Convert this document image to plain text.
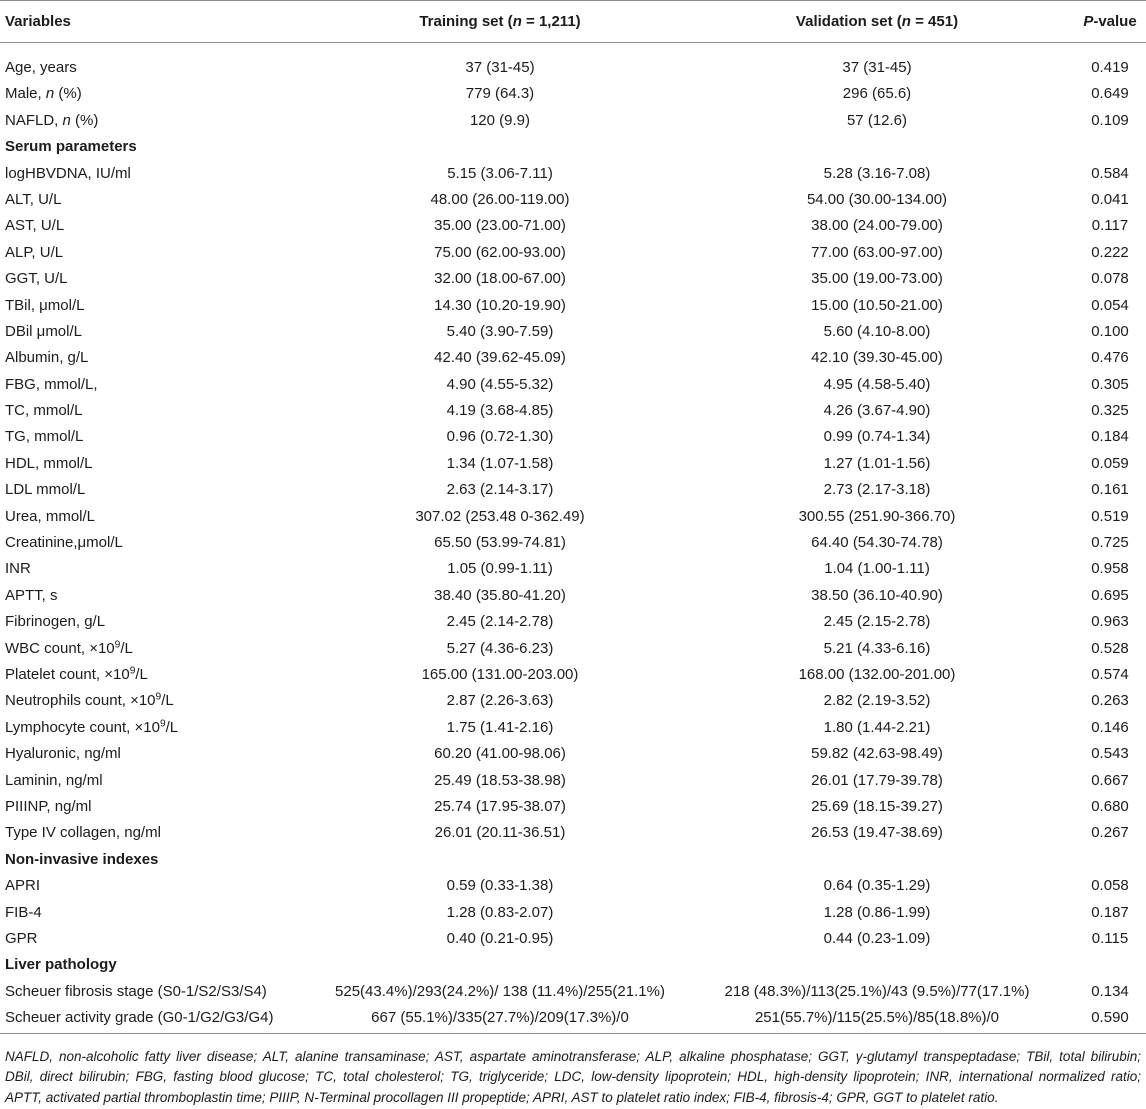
Variables	Training set (n = 1,211)	Validation set (n = 451)	P-value
Age, years	37 (31-45)	37 (31-45)	0.419
Male, n (%)	779 (64.3)	296 (65.6)	0.649
NAFLD, n (%)	120 (9.9)	57 (12.6)	0.109
Serum parameters
logHBVDNA, IU/ml	5.15 (3.06-7.11)	5.28 (3.16-7.08)	0.584
ALT, U/L	48.00 (26.00-119.00)	54.00 (30.00-134.00)	0.041
AST, U/L	35.00 (23.00-71.00)	38.00 (24.00-79.00)	0.117
ALP, U/L	75.00 (62.00-93.00)	77.00 (63.00-97.00)	0.222
GGT, U/L	32.00 (18.00-67.00)	35.00 (19.00-73.00)	0.078
TBil, μmol/L	14.30 (10.20-19.90)	15.00 (10.50-21.00)	0.054
DBil μmol/L	5.40 (3.90-7.59)	5.60 (4.10-8.00)	0.100
Albumin, g/L	42.40 (39.62-45.09)	42.10 (39.30-45.00)	0.476
FBG, mmol/L,	4.90 (4.55-5.32)	4.95 (4.58-5.40)	0.305
TC, mmol/L	4.19 (3.68-4.85)	4.26 (3.67-4.90)	0.325
TG, mmol/L	0.96 (0.72-1.30)	0.99 (0.74-1.34)	0.184
HDL, mmol/L	1.34 (1.07-1.58)	1.27 (1.01-1.56)	0.059
LDL mmol/L	2.63 (2.14-3.17)	2.73 (2.17-3.18)	0.161
Urea, mmol/L	307.02 (253.48 0-362.49)	300.55 (251.90-366.70)	0.519
Creatinine,μmol/L	65.50 (53.99-74.81)	64.40 (54.30-74.78)	0.725
INR	1.05 (0.99-1.11)	1.04 (1.00-1.11)	0.958
APTT, s	38.40 (35.80-41.20)	38.50 (36.10-40.90)	0.695
Fibrinogen, g/L	2.45 (2.14-2.78)	2.45 (2.15-2.78)	0.963
WBC count, $\times 10^9/L$	5.27 (4.36-6.23)	5.21 (4.33-6.16)	0.528
Platelet count, $\times 10^9/L$	165.00 (131.00-203.00)	168.00 (132.00-201.00)	0.574
Neutrophils count, $\times 10^9/L$	2.87 (2.26-3.63)	2.82 (2.19-3.52)	0.263
Lymphocyte count, $\times 10^9/L$	1.75 (1.41-2.16)	1.80 (1.44-2.21)	0.146
Hyaluronic, ng/ml	60.20 (41.00-98.06)	59.82 (42.63-98.49)	0.543
Laminin, ng/ml	25.49 (18.53-38.98)	26.01 (17.79-39.78)	0.667
PIIINP, ng/ml	25.74 (17.95-38.07)	25.69 (18.15-39.27)	0.680
Type IV collagen, ng/ml	26.01 (20.11-36.51)	26.53 (19.47-38.69)	0.267
Non-invasive indexes
APRI	0.59 (0.33-1.38)	0.64 (0.35-1.29)	0.058
FIB-4	1.28 (0.83-2.07)	1.28 (0.86-1.99)	0.187
GPR	0.40 (0.21-0.95)	0.44 (0.23-1.09)	0.115
Liver pathology
Scheuer fibrosis stage (S0-1/S2/S3/S4)	525(43.4%)/293(24.2%)/ 138 (11.4%)/255(21.1%)	218 (48.3%)/113(25.1%)/43 (9.5%)/77(17.1%)	0.134
Scheuer activity grade (G0-1/G2/G3/G4)	667 (55.1%)/335(27.7%)/209(17.3%)/0	251(55.7%)/115(25.5%)/85(18.8%)/0	0.590
NAFLD, non-alcoholic fatty liver disease; ALT, alanine transaminase; AST, aspartate aminotransferase; ALP, alkaline phosphatase; GGT, γ-glutamyl transpeptadase; TBil, total bilirubin;
DBil, direct bilirubin; FBG, fasting blood glucose; TC, total cholesterol; TG, triglyceride; LDC, low-density lipoprotein; HDL, high-density lipoprotein; INR, international normalized ratio;
APTT, activated partial thromboplastin time; PIIIP, N-Terminal procollagen III propeptide; APRI, AST to platelet ratio index; FIB-4, fibrosis-4; GPR, GGT to platelet ratio.
